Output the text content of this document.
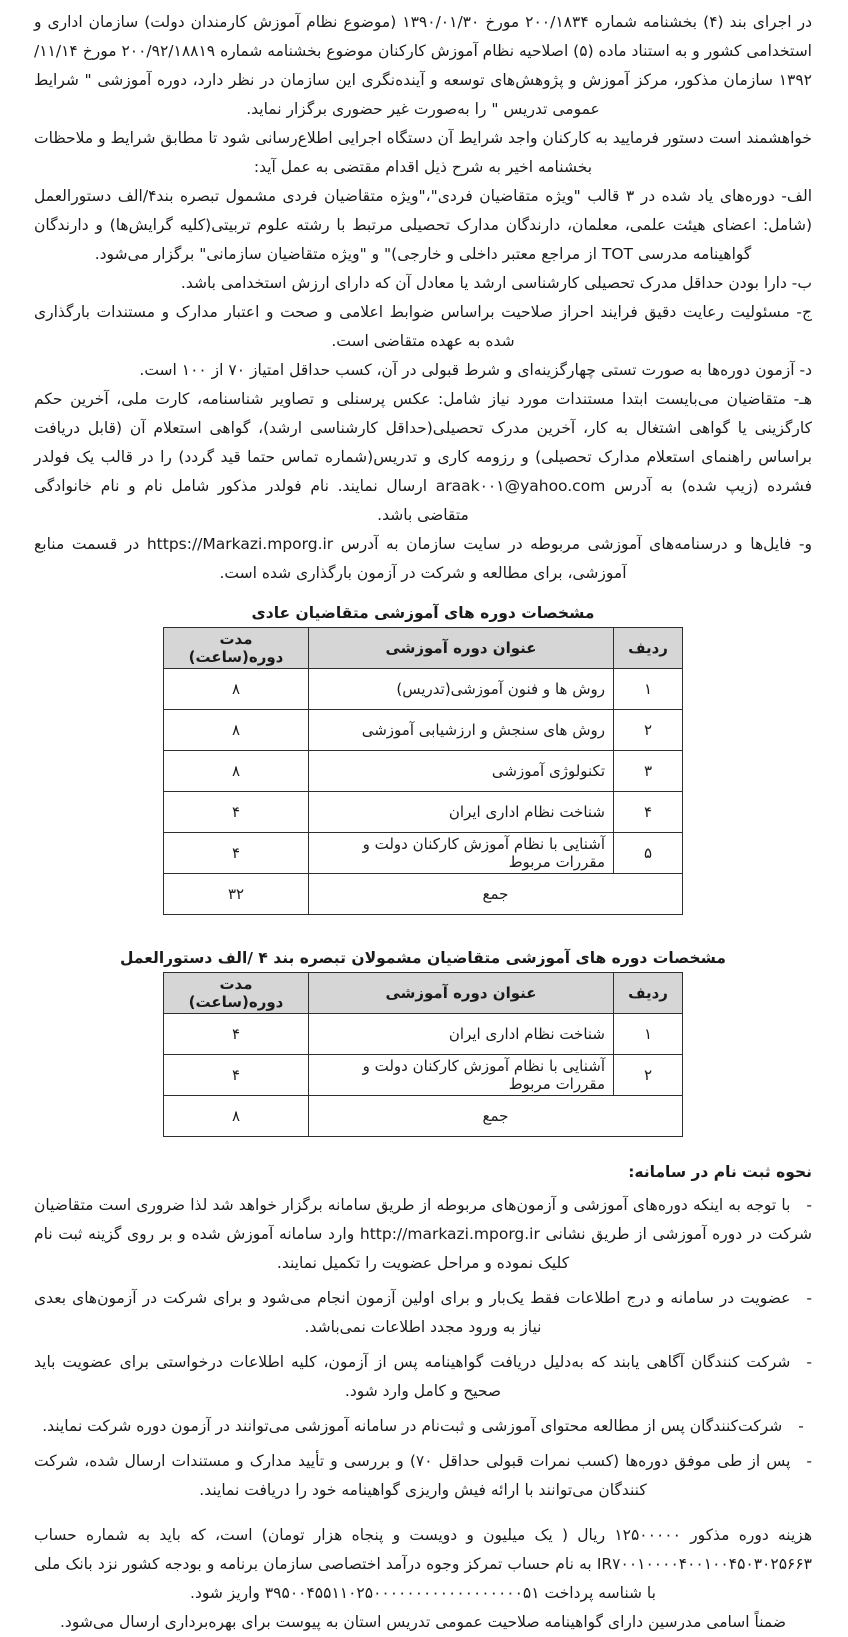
در اجرای بند (۴) بخشنامه شماره ۲۰۰/۱۸۳۴ مورخ ۱۳۹۰/۰۱/۳۰ (موضوع نظام آموزش کارمندان دولت) سازمان اداری و استخدامی کشور و به استناد ماده (۵) اصلاحیه نظام آموزش کارکنان موضوع بخشنامه شماره ۲۰۰/۹۲/۱۸۸۱۹ مورخ ۱۱/۱۴/ ۱۳۹۲ سازمان مذکور، مرکز آموزش و پژوهش‌های توسعه و آینده‌نگری این سازمان در نظر دارد، دوره آموزشی " شرایط عمومی تدریس " را به‌صورت غیر حضوری برگزار نماید.

خواهشمند است دستور فرمایید به کارکنان واجد شرایط آن دستگاه اجرایی اطلاع‌رسانی شود تا مطابق شرایط و ملاحظات بخشنامه اخیر به شرح ذیل اقدام مقتضی به عمل آید:

الف- دوره‌های یاد شده در ۳ قالب "ویژه متقاضیان فردی"،"ویژه متقاضیان فردی مشمول تبصره بند۴/الف دستورالعمل (شامل: اعضای هیئت علمی، معلمان، دارندگان مدارک تحصیلی مرتبط با رشته علوم تربیتی(کلیه گرایش‌ها) و دارندگان گواهینامه مدرسی TOT از مراجع معتبر داخلی و خارجی)" و "ویژه متقاضیان سازمانی" برگزار می‌شود.

ب- دارا بودن حداقل مدرک تحصیلی کارشناسی ارشد یا معادل آن که دارای ارزش استخدامی باشد.

ج- مسئولیت رعایت دقیق فرایند احراز صلاحیت براساس ضوابط اعلامی و صحت و اعتبار مدارک و مستندات بارگذاری شده به عهده متقاضی است.

د- آزمون دوره‌ها به صورت تستی چهارگزینه‌ای و شرط قبولی در آن، کسب حداقل امتیاز ۷۰ از ۱۰۰ است.

هـ- متقاضیان می‌بایست ابتدا مستندات مورد نیاز شامل: عکس پرسنلی و تصاویر شناسنامه، کارت ملی، آخرین حکم کارگزینی یا گواهی اشتغال به کار، آخرین مدرک تحصیلی(حداقل کارشناسی ارشد)، گواهی استعلام آن (قابل دریافت براساس راهنمای استعلام مدارک تحصیلی) و رزومه کاری و تدریس(شماره تماس حتما قید گردد) را در قالب یک فولدر فشرده (زیپ شده) به آدرس araak۰۰۱@yahoo.com ارسال نمایند. نام فولدر مذکور شامل نام و نام خانوادگی متقاضی باشد.

و- فایل‌ها و درسنامه‌های آموزشی مربوطه در سایت سازمان به آدرس https://Markazi.mporg.ir در قسمت منابع آموزشی، برای مطالعه و شرکت در آزمون بارگذاری شده است.

مشخصات دوره های آموزشی متقاضیان عادی
ردیف	عنوان دوره آموزشی	مدت دوره(ساعت)
۱	روش ها و فنون آموزشی(تدریس)	۸
۲	روش های سنجش و ارزشیابی آموزشی	۸
۳	تکنولوژی آموزشی	۸
۴	شناخت نظام اداری ایران	۴
۵	آشنایی با نظام آموزش کارکنان دولت و مقررات مربوط	۴
جمع		۳۲
مشخصات دوره های آموزشی متقاضیان مشمولان تبصره بند ۴ /الف دستورالعمل
ردیف	عنوان دوره آموزشی	مدت دوره(ساعت)
۱	شناخت نظام اداری ایران	۴
۲	آشنایی با نظام آموزش کارکنان دولت و مقررات مربوط	۴
جمع		۸
نحوه ثبت نام در سامانه:

-با توجه به اینکه دوره‌های آموزشی و آزمون‌های مربوطه از طریق سامانه برگزار خواهد شد لذا ضروری است متقاضیان شرکت در دوره آموزشی از طریق نشانی http://markazi.mporg.ir وارد سامانه آموزش شده و بر روی گزینه ثبت نام کلیک نموده و مراحل عضویت را تکمیل نمایند.

-عضویت در سامانه و درج اطلاعات فقط یک‌بار و برای اولین آزمون انجام می‌شود و برای شرکت در آزمون‌های بعدی نیاز به ورود مجدد اطلاعات نمی‌باشد.

-شرکت کنندگان آگاهی یابند که به‌دلیل دریافت گواهینامه پس از آزمون، کلیه اطلاعات درخواستی برای عضویت باید صحیح و کامل وارد شود.

-شرکت‌کنندگان پس از مطالعه محتوای آموزشی و ثبت‌نام در سامانه آموزشی می‌توانند در آزمون دوره شرکت نمایند.

-پس از طی موفق دوره‌ها (کسب نمرات قبولی حداقل ۷۰) و بررسی و تأیید مدارک و مستندات ارسال شده، شرکت کنندگان می‌توانند با ارائه فیش واریزی گواهینامه خود را دریافت نمایند.

هزینه دوره مذکور ۱۲۵۰۰۰۰۰ ریال ( یک میلیون و دویست و پنجاه هزار تومان) است، که باید به شماره حساب IR۷۰۰۱۰۰۰۰۴۰۰۱۰۰۴۵۰۳۰۲۵۶۶۳ به نام حساب تمرکز وجوه درآمد اختصاصی سازمان برنامه و بودجه کشور نزد بانک ملی با شناسه پرداخت ۳۹۵۰۰۴۵۵۱۱۰۲۵۰۰۰۰۰۰۰۰۰۰۰۰۰۰۰۰۰۰۵۱ واریز شود.

ضمناً اسامی مدرسین دارای گواهینامه صلاحیت عمومی تدریس استان به پیوست برای بهره‌برداری ارسال می‌شود.
